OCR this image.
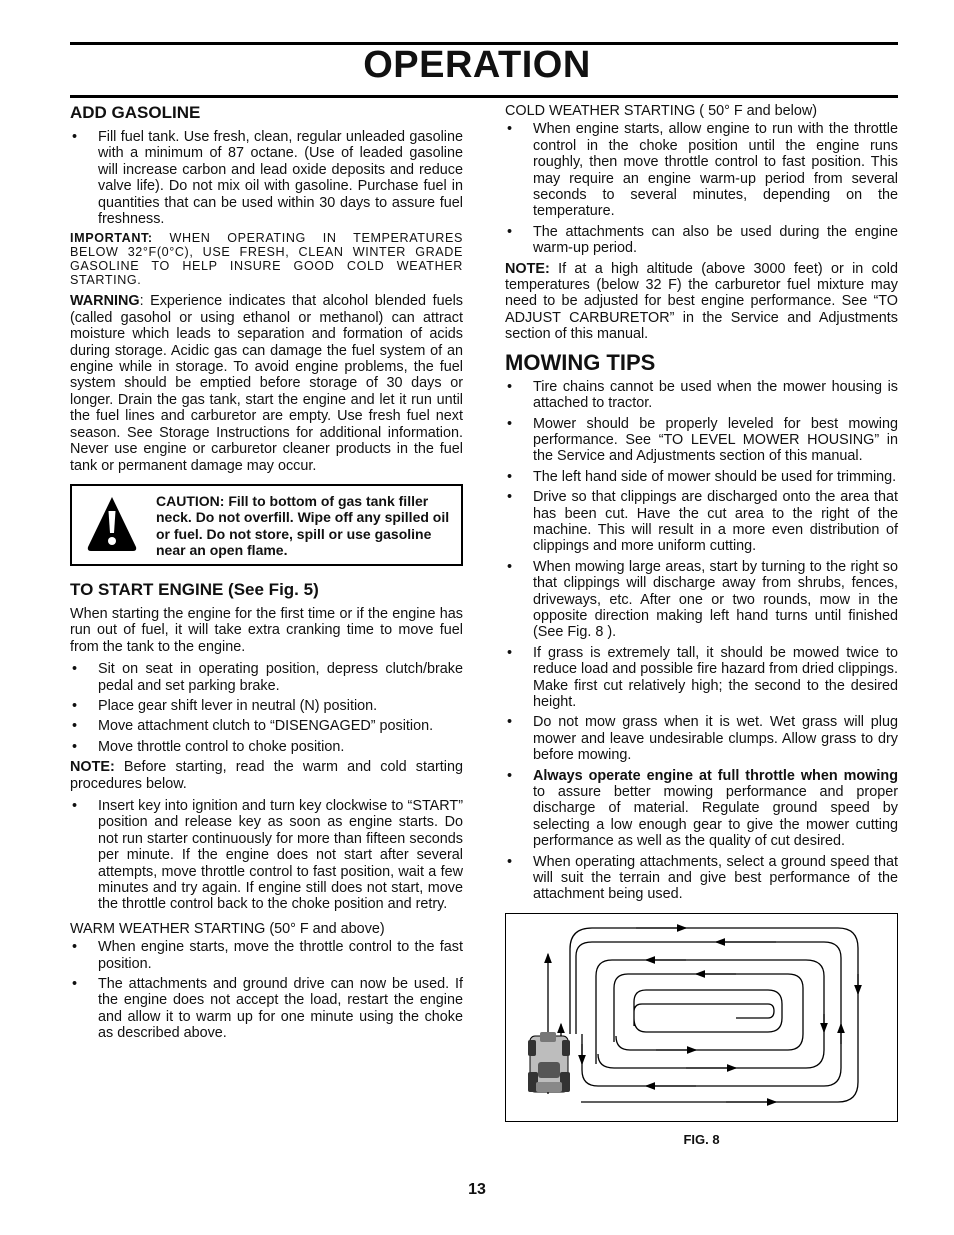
OPERATION
ADD GASOLINE
• Fill fuel tank. Use fresh, clean, regular unleaded gasoline with a minimum of 87 octane. (Use of leaded gasoline will increase carbon and lead oxide deposits and reduce valve life). Do not mix oil with gasoline. Purchase fuel in quantities that can be used within 30 days to assure fuel freshness.

IMPORTANT: WHEN OPERATING IN TEMPERATURES BELOW 32°F(0°C), USE FRESH, CLEAN WINTER GRADE GASOLINE TO HELP INSURE GOOD COLD WEATHER STARTING.

WARNING: Experience indicates that alcohol blended fuels (called gasohol or using ethanol or methanol) can attract moisture which leads to separation and formation of acids during storage. Acidic gas can damage the fuel system of an engine while in storage. To avoid engine problems, the fuel system should be emptied before storage of 30 days or longer. Drain the gas tank, start the engine and let it run until the fuel lines and carburetor are empty. Use fresh fuel next season. See Storage Instructions for additional information. Never use engine or carburetor cleaner products in the fuel tank or permanent damage may occur.

CAUTION: Fill to bottom of gas tank filler neck. Do not overfill. Wipe off any spilled oil or fuel. Do not store, spill or use gasoline near an open flame.
TO START ENGINE (See Fig. 5)

When starting the engine for the first time or if the engine has run out of fuel, it will take extra cranking time to move fuel from the tank to the engine.

• Sit on seat in operating position, depress clutch/brake pedal and set parking brake.
• Place gear shift lever in neutral (N) position.
• Move attachment clutch to “DISENGAGED” position.
• Move throttle control to choke position.

NOTE: Before starting, read the warm and cold starting procedures below.

• Insert key into ignition and turn key clockwise to “START” position and release key as soon as engine starts. Do not run starter continuously for more than fifteen seconds per minute. If the engine does not start after several attempts, move throttle control to fast position, wait a few minutes and try again. If engine still does not start, move the throttle control back to the choke position and retry.

WARM WEATHER STARTING (50° F and above)

• When engine starts, move the throttle control to the fast position.
• The attachments and ground drive can now be used. If the engine does not accept the load, restart the engine and allow it to warm up for one minute using the choke as described above.

COLD WEATHER STARTING ( 50° F and below)

• When engine starts, allow engine to run with the throttle control in the choke position until the engine runs roughly, then move throttle control to fast position. This may require an engine warm-up period from several seconds to several minutes, depending on the temperature.
• The attachments can also be used during the engine warm-up period.

NOTE: If at a high altitude (above 3000 feet) or in cold temperatures (below 32 F) the carburetor fuel mixture may need to be adjusted for best engine performance. See “TO ADJUST CARBURETOR” in the Service and Adjustments section of this manual.

MOWING TIPS
• Tire chains cannot be used when the mower housing is attached to tractor.
• Mower should be properly leveled for best mowing performance. See “TO LEVEL MOWER HOUSING” in the Service and Adjustments section of this manual.
• The left hand side of mower should be used for trimming.
• Drive so that clippings are discharged onto the area that has been cut. Have the cut area to the right of the machine. This will result in a more even distribution of clippings and more uniform cutting.
• When mowing large areas, start by turning to the right so that clippings will discharge away from shrubs, fences, driveways, etc. After one or two rounds, mow in the opposite direction making left hand turns until finished (See Fig. 8 ).
• If grass is extremely tall, it should be mowed twice to reduce load and possible fire hazard from dried clippings. Make first cut relatively high; the second to the desired height.
• Do not mow grass when it is wet. Wet grass will plug mower and leave undesirable clumps. Allow grass to dry before mowing.
• Always operate engine at full throttle when mowing to assure better mowing performance and proper discharge of material. Regulate ground speed by selecting a low enough gear to give the mower cutting performance as well as the quality of cut desired.
• When operating attachments, select a ground speed that will suit the terrain and give best performance of the attachment being used.
FIG. 8
13
